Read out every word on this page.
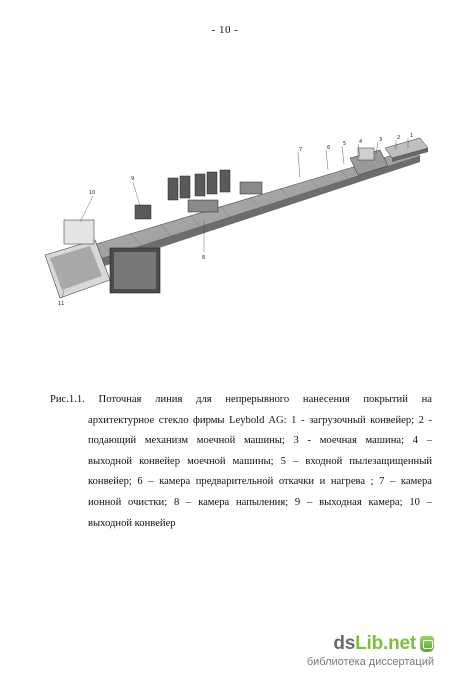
- 10 -
1
2
3
4
5
6
7
8
9
10
11
Рис.1.1. Поточная линия для непрерывного нанесения покрытий на
архитектурное стекло фирмы Leybold AG: 1 - загрузочный конвейер; 2 -
подающий механизм моечной машины; 3 - моечная машина; 4 –
выходной конвейер моечной машины; 5 – входной пылезащищенный
конвейер; 6 – камера предварительной откачки и нагрева ; 7 – камера
ионной очистки; 8 – камера напыления; 9 – выходная камера; 10 –
выходной конвейер
dsLib.net
библиотека диссертаций
